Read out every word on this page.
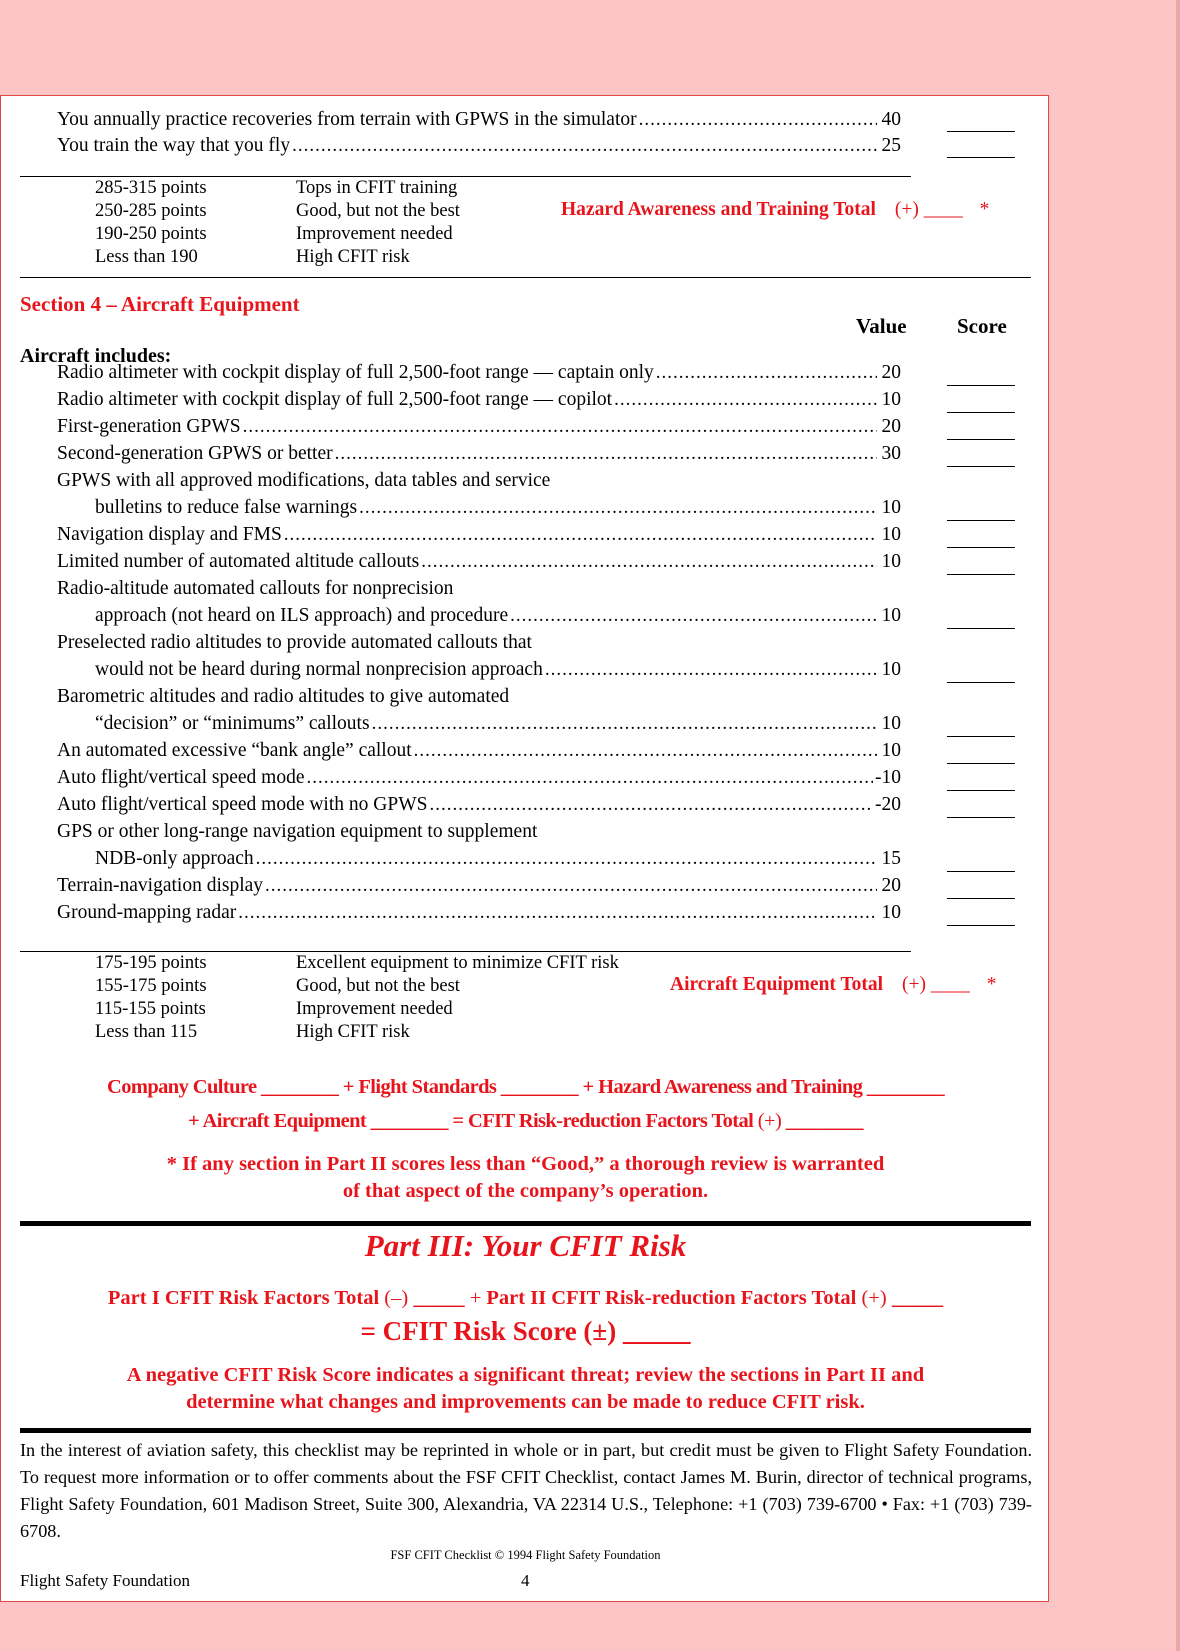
You annually practice recoveries from terrain with GPWS in the simulator .....	40
You train the way that you fly .....	25
285-315 points	Tops in CFIT training
250-285 points	Good, but not the best
190-250 points	Improvement needed
Less than 190	High CFIT risk
Hazard Awareness and Training Total (+) ____ *
Section 4 – Aircraft Equipment
Value Score
Aircraft includes:
Radio altimeter with cockpit display of full 2,500-foot range — captain only .....	20
Radio altimeter with cockpit display of full 2,500-foot range — copilot .....	10
First-generation GPWS .....	20
Second-generation GPWS or better .....	30
GPWS with all approved modifications, data tables and service
bulletins to reduce false warnings .....	10
Navigation display and FMS .....	10
Limited number of automated altitude callouts .....	10
Radio-altitude automated callouts for nonprecision
approach (not heard on ILS approach) and procedure .....	10
Preselected radio altitudes to provide automated callouts that
would not be heard during normal nonprecision approach .....	10
Barometric altitudes and radio altitudes to give automated
“decision” or “minimums” callouts .....	10
An automated excessive “bank angle” callout .....	10
Auto flight/vertical speed mode .....	-10
Auto flight/vertical speed mode with no GPWS .....	-20
GPS or other long-range navigation equipment to supplement
NDB-only approach .....	15
Terrain-navigation display .....	20
Ground-mapping radar .....	10
175-195 points	Excellent equipment to minimize CFIT risk
155-175 points	Good, but not the best
115-155 points	Improvement needed
Less than 115	High CFIT risk
Aircraft Equipment Total (+) ____ *
Company Culture ________ + Flight Standards ________ + Hazard Awareness and Training ________
+ Aircraft Equipment ________ = CFIT Risk-reduction Factors Total (+) ________
* If any section in Part II scores less than “Good,” a thorough review is warranted
of that aspect of the company’s operation.
Part III: Your CFIT Risk
Part I CFIT Risk Factors Total (–) _____ + Part II CFIT Risk-reduction Factors Total (+) _____
= CFIT Risk Score (±) _____
A negative CFIT Risk Score indicates a significant threat; review the sections in Part II and
determine what changes and improvements can be made to reduce CFIT risk.
In the interest of aviation safety, this checklist may be reprinted in whole or in part, but credit must be given to Flight Safety Foundation. To request more information or to offer comments about the FSF CFIT Checklist, contact James M. Burin, director of technical programs, Flight Safety Foundation, 601 Madison Street, Suite 300, Alexandria, VA 22314 U.S., Telephone: +1 (703) 739-6700 • Fax: +1 (703) 739-6708.
FSF CFIT Checklist © 1994 Flight Safety Foundation
Flight Safety Foundation	4
